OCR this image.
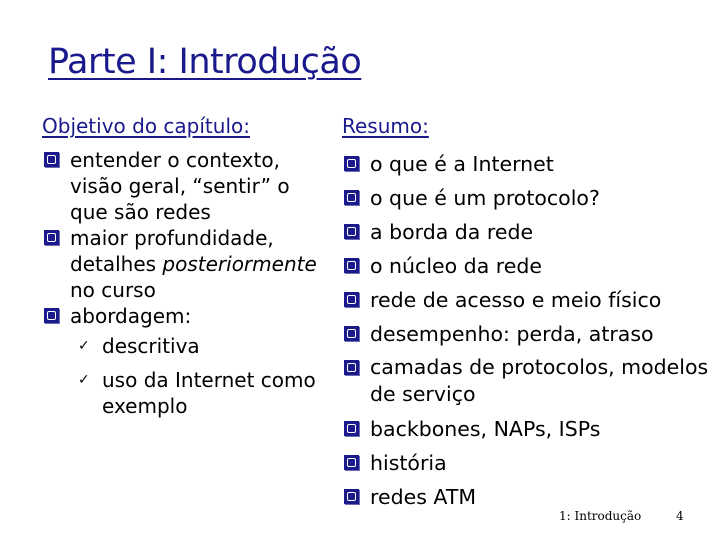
Parte I: Introdução
Objetivo do capítulo:
entender o contexto, visão geral, “sentir” o que são redes
maior profundidade, detalhes posteriormente no curso
abordagem:
✓ descritiva
✓ uso da Internet como exemplo
Resumo:
o que é a Internet
o que é um protocolo?
a borda da rede
o núcleo da rede
rede de acesso e meio físico
desempenho: perda, atraso
camadas de protocolos, modelos de serviço
backbones, NAPs, ISPs
história
redes ATM
1: Introdução	4
